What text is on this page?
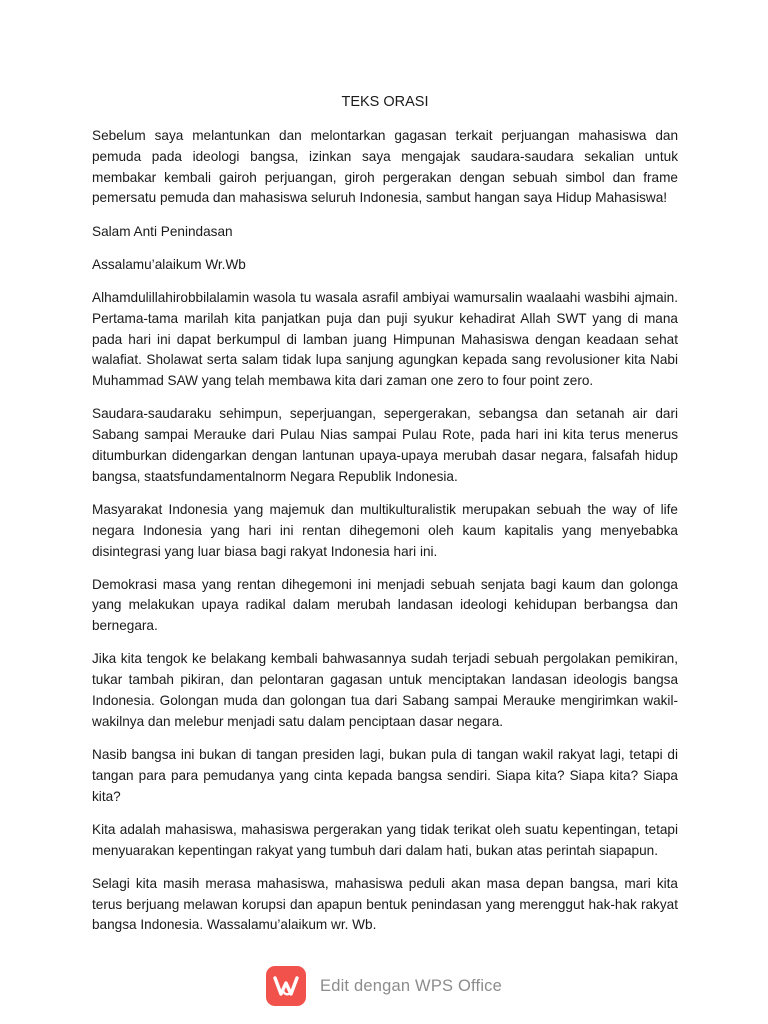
TEKS ORASI

Sebelum saya melantunkan dan melontarkan gagasan terkait perjuangan mahasiswa dan pemuda pada ideologi bangsa, izinkan saya mengajak saudara-saudara sekalian untuk membakar kembali gairoh perjuangan, giroh pergerakan dengan sebuah simbol dan frame pemersatu pemuda dan mahasiswa seluruh Indonesia, sambut hangan saya Hidup Mahasiswa!

Salam Anti Penindasan

Assalamu’alaikum Wr.Wb

Alhamdulillahirobbilalamin wasola tu wasala asrafil ambiyai wamursalin waalaahi wasbihi ajmain. Pertama-tama marilah kita panjatkan puja dan puji syukur kehadirat Allah SWT yang di mana pada hari ini dapat berkumpul di lamban juang Himpunan Mahasiswa dengan keadaan sehat walafiat. Sholawat serta salam tidak lupa sanjung agungkan kepada sang revolusioner kita Nabi Muhammad SAW yang telah membawa kita dari zaman one zero to four point zero.

Saudara-saudaraku sehimpun, seperjuangan, sepergerakan, sebangsa dan setanah air dari Sabang sampai Merauke dari Pulau Nias sampai Pulau Rote, pada hari ini kita terus menerus ditumburkan didengarkan dengan lantunan upaya-upaya merubah dasar negara, falsafah hidup bangsa, staatsfundamentalnorm Negara Republik Indonesia.

Masyarakat Indonesia yang majemuk dan multikulturalistik merupakan sebuah the way of life negara Indonesia yang hari ini rentan dihegemoni oleh kaum kapitalis yang menyebabka disintegrasi yang luar biasa bagi rakyat Indonesia hari ini.

Demokrasi masa yang rentan dihegemoni ini menjadi sebuah senjata bagi kaum dan golonga yang melakukan upaya radikal dalam merubah landasan ideologi kehidupan berbangsa dan bernegara.

Jika kita tengok ke belakang kembali bahwasannya sudah terjadi sebuah pergolakan pemikiran, tukar tambah pikiran, dan pelontaran gagasan untuk menciptakan landasan ideologis bangsa Indonesia. Golongan muda dan golongan tua dari Sabang sampai Merauke mengirimkan wakil-wakilnya dan melebur menjadi satu dalam penciptaan dasar negara.

Nasib bangsa ini bukan di tangan presiden lagi, bukan pula di tangan wakil rakyat lagi, tetapi di tangan para para pemudanya yang cinta kepada bangsa sendiri. Siapa kita? Siapa kita? Siapa kita?

Kita adalah mahasiswa, mahasiswa pergerakan yang tidak terikat oleh suatu kepentingan, tetapi menyuarakan kepentingan rakyat yang tumbuh dari dalam hati, bukan atas perintah siapapun.

Selagi kita masih merasa mahasiswa, mahasiswa peduli akan masa depan bangsa, mari kita terus berjuang melawan korupsi dan apapun bentuk penindasan yang merenggut hak-hak rakyat bangsa Indonesia. Wassalamu’alaikum wr. Wb.

Edit dengan WPS Office
